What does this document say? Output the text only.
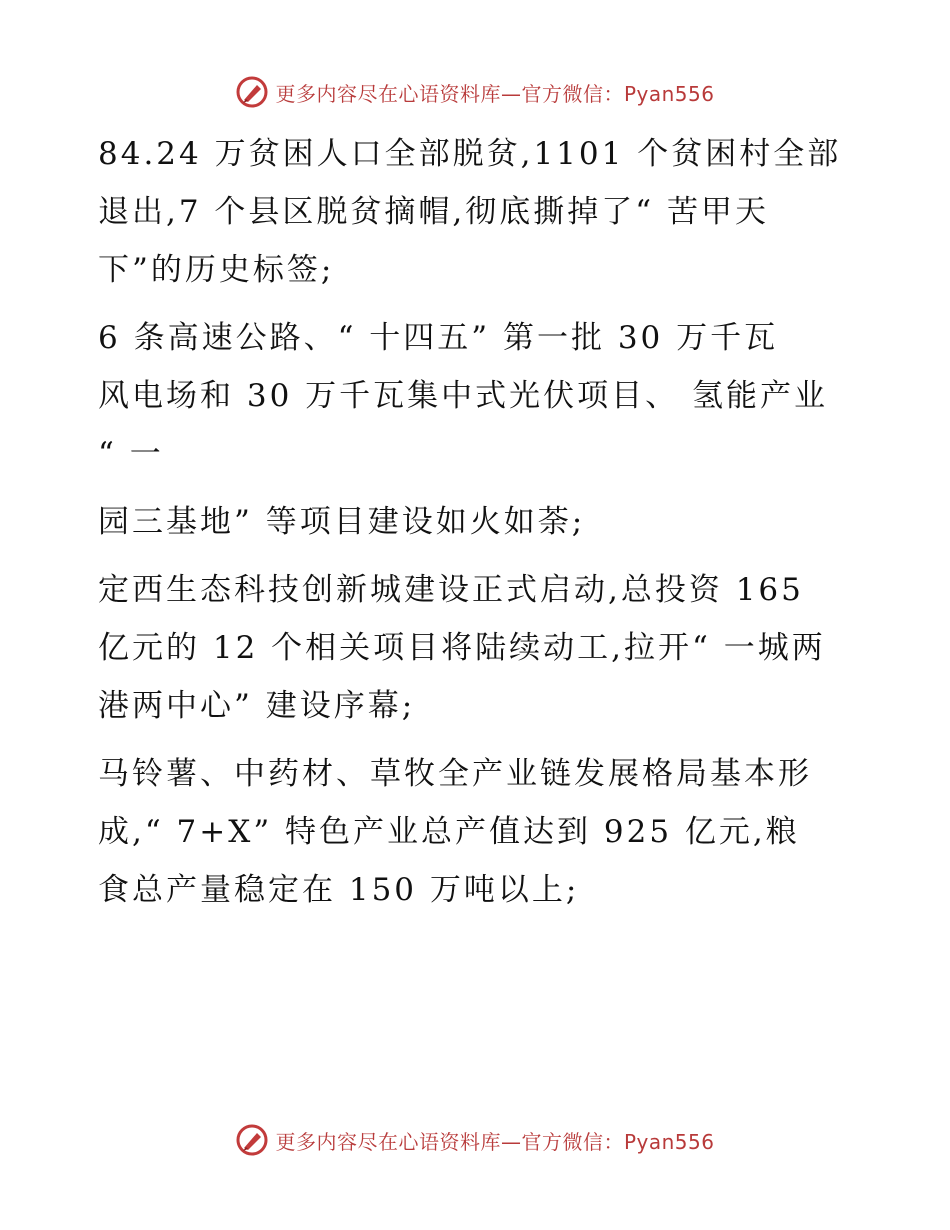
更多内容尽在心语资料库—官方微信：Pyan556

84.24 万贫困人口全部脱贫,1101 个贫困村全部
退出,7 个县区脱贫摘帽,彻底撕掉了“ 苦甲天
下”的历史标签;

6 条高速公路、“ 十四五” 第一批 30 万千瓦
风电场和 30 万千瓦集中式光伏项目、 氢能产业
“ 一

园三基地” 等项目建设如火如荼;

定西生态科技创新城建设正式启动,总投资 165
亿元的 12 个相关项目将陆续动工,拉开“ 一城两
港两中心” 建设序幕;

马铃薯、中药材、草牧全产业链发展格局基本形
成,“ 7+X” 特色产业总产值达到 925 亿元,粮
食总产量稳定在 150 万吨以上;

更多内容尽在心语资料库—官方微信：Pyan556
